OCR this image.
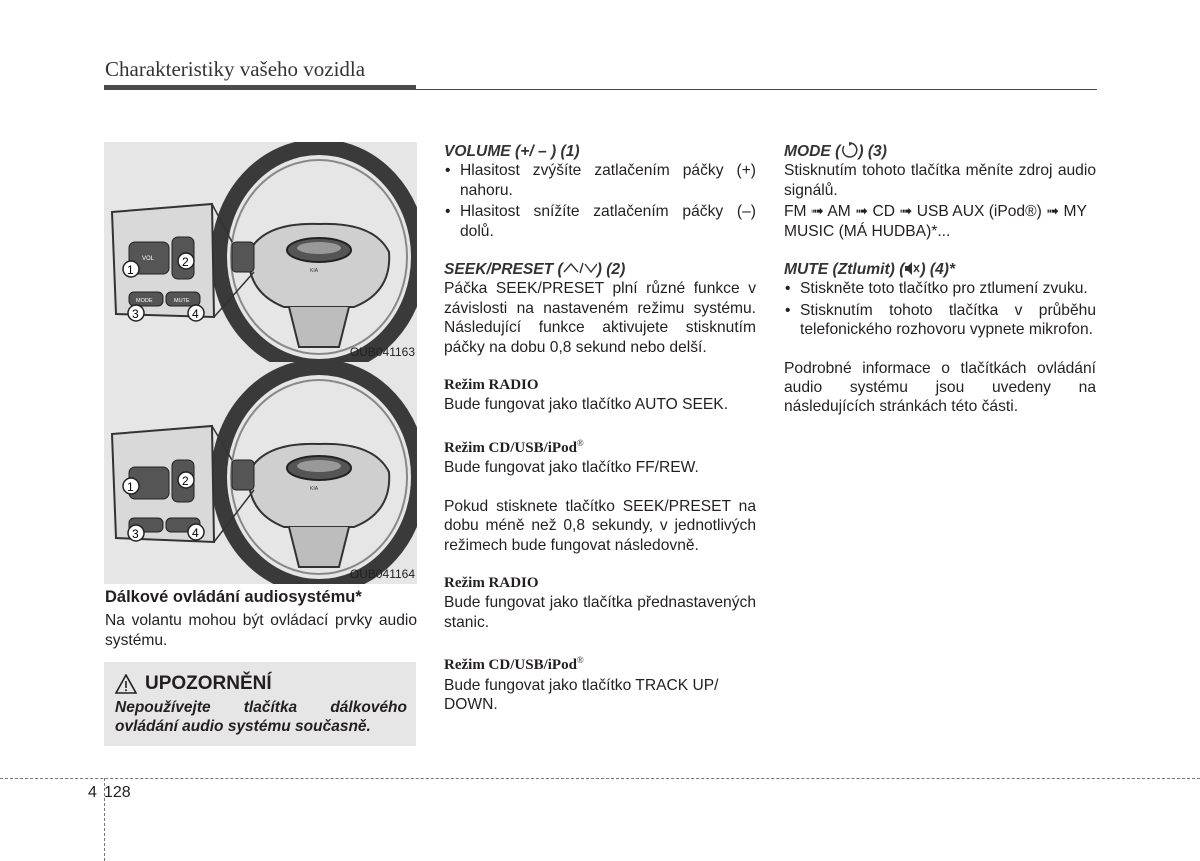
Charakteristiky vašeho vozidla
KIA
VOL
MODE	MUTE
1
2
3	4
OUB041163
KIA
1	2
3	4
OUB041164

Dálkové ovládání audiosystému*

Na volantu mohou být ovládací prvky audio systému.

UPOZORNĚNÍ
Nepoužívejte tlačítka dálkového ovládání audio systému současně.

VOLUME (+/ – ) (1)

• Hlasitost zvýšíte zatlačením páčky (+) nahoru.
• Hlasitost snížíte zatlačením páčky (–) dolů.

SEEK/PRESET ( ) (2)

Páčka SEEK/PRESET plní různé funkce v závislosti na nastaveném režimu systému. Následující funkce aktivujete stisknutím páčky na dobu 0,8 sekund nebo delší.

Režim RADIO

Bude fungovat jako tlačítko AUTO SEEK.

Režim CD/USB/iPod®

Bude fungovat jako tlačítko FF/REW.

Pokud stisknete tlačítko SEEK/PRESET na dobu méně než 0,8 sekundy, v jednotlivých režimech bude fungovat následovně.

Režim RADIO

Bude fungovat jako tlačítka přednastavených stanic.

Režim CD/USB/iPod®

Bude fungovat jako tlačítko TRACK UP/ DOWN.

MODE ( ) (3)

Stisknutím tohoto tlačítka měníte zdroj audio signálů.

FM ➟ AM ➟ CD ➟ USB AUX (iPod®) ➟ MY MUSIC (MÁ HUDBA)*...

MUTE (Ztlumit) ( ) (4)*

• Stiskněte toto tlačítko pro ztlumení zvuku.
• Stisknutím tohoto tlačítka v průběhu telefonického rozhovoru vypnete mikrofon.

Podrobné informace o tlačítkách ovládání audio systému jsou uvedeny na následujících stránkách této části.

4 128
